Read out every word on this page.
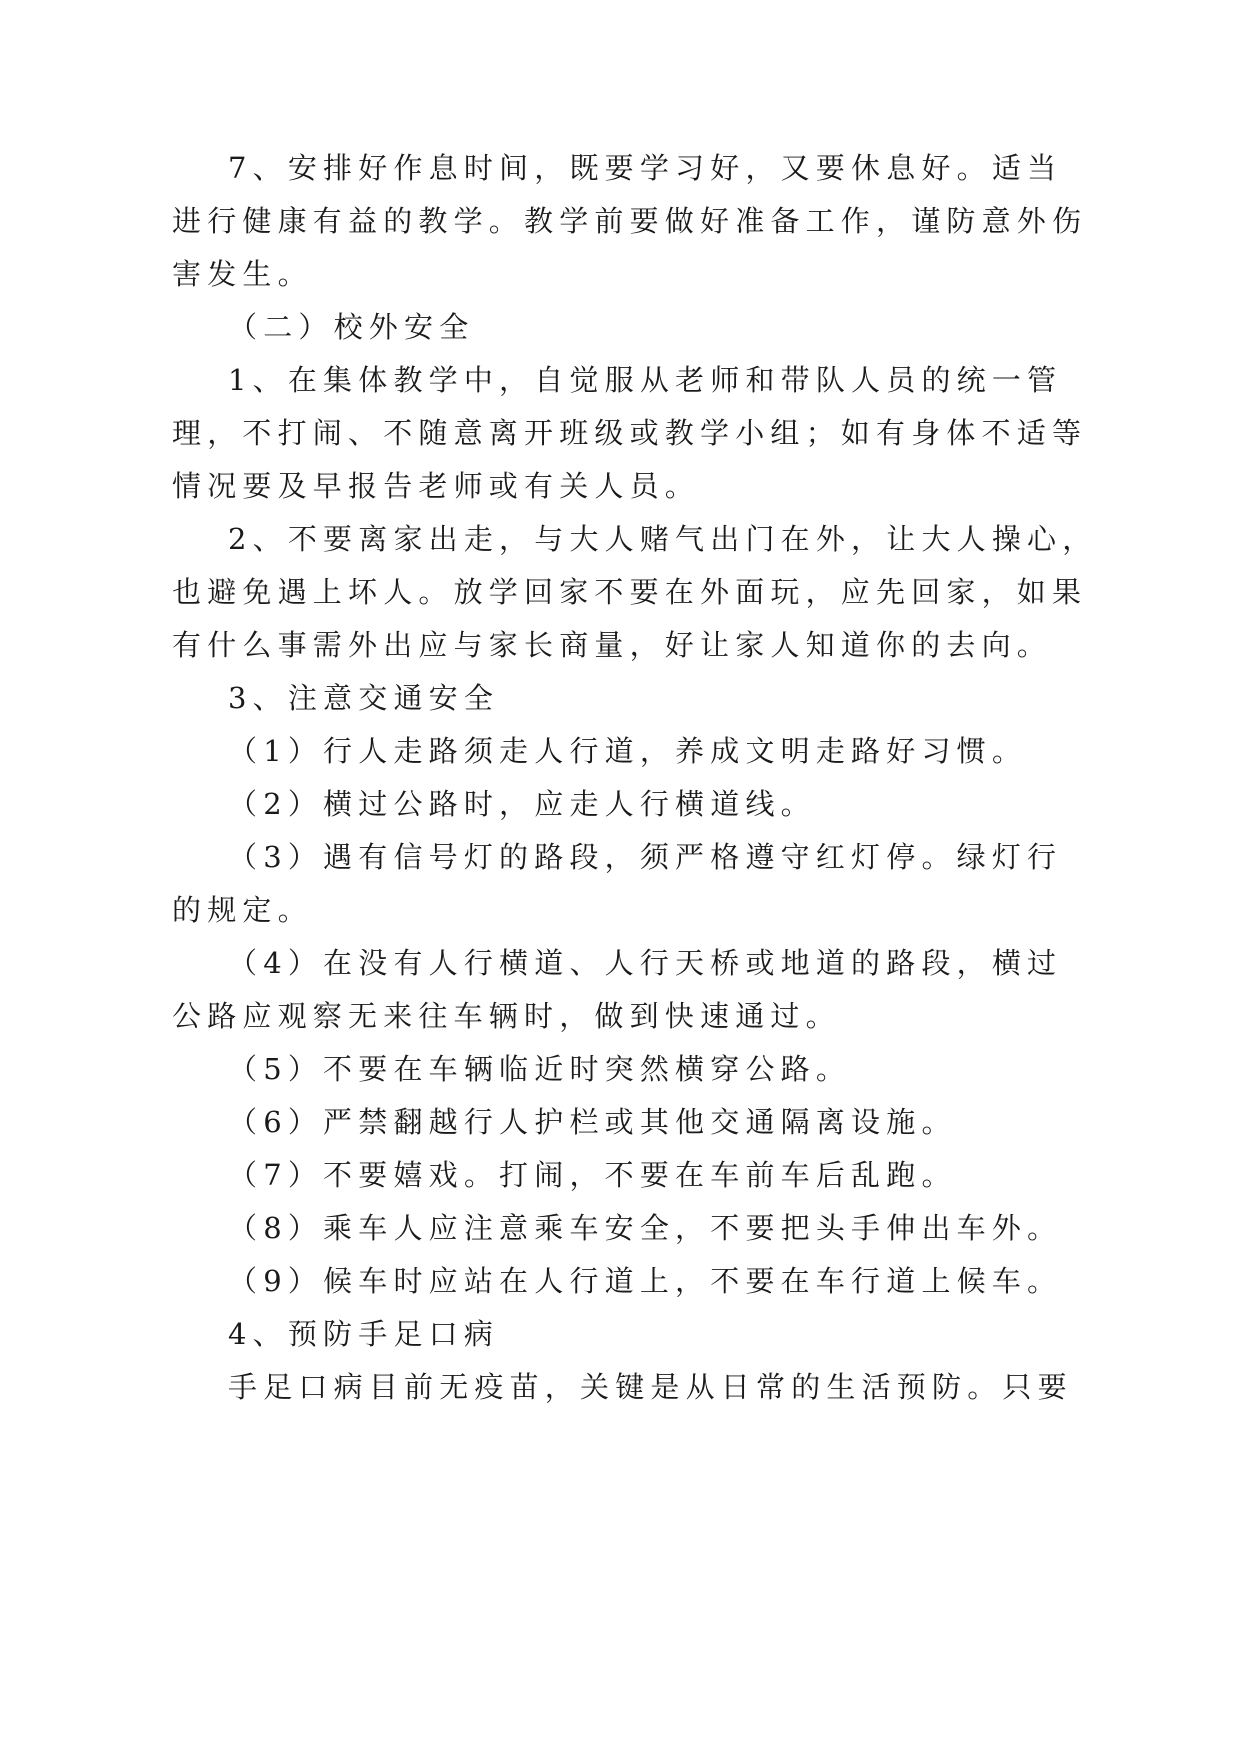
7、安排好作息时间，既要学习好，又要休息好。适当

进行健康有益的教学。教学前要做好准备工作，谨防意外伤

害发生。

（二）校外安全

1、在集体教学中，自觉服从老师和带队人员的统一管

理，不打闹、不随意离开班级或教学小组；如有身体不适等

情况要及早报告老师或有关人员。

2、不要离家出走，与大人赌气出门在外，让大人操心，

也避免遇上坏人。放学回家不要在外面玩，应先回家，如果

有什么事需外出应与家长商量，好让家人知道你的去向。

3、注意交通安全

（1）行人走路须走人行道，养成文明走路好习惯。

（2）横过公路时，应走人行横道线。

（3）遇有信号灯的路段，须严格遵守红灯停。绿灯行

的规定。

（4）在没有人行横道、人行天桥或地道的路段，横过

公路应观察无来往车辆时，做到快速通过。

（5）不要在车辆临近时突然横穿公路。

（6）严禁翻越行人护栏或其他交通隔离设施。

（7）不要嬉戏。打闹，不要在车前车后乱跑。

（8）乘车人应注意乘车安全，不要把头手伸出车外。

（9）候车时应站在人行道上，不要在车行道上候车。

4、预防手足口病

手足口病目前无疫苗，关键是从日常的生活预防。只要
